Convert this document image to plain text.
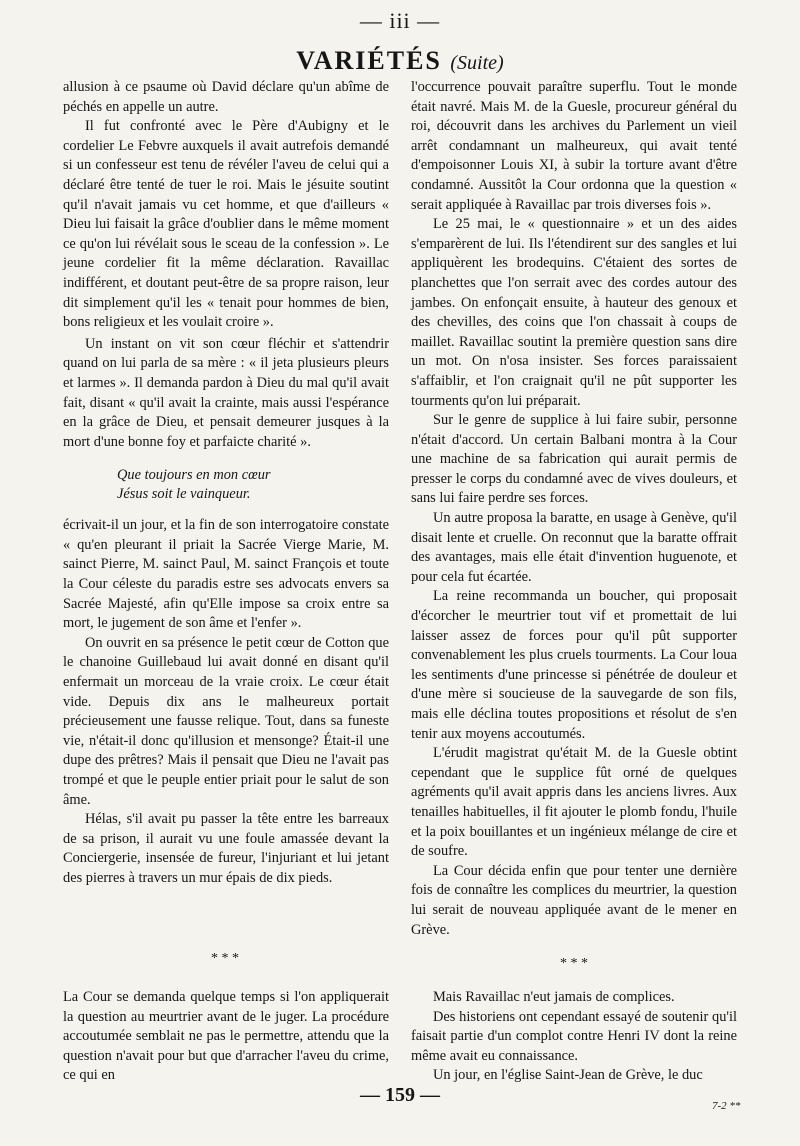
— iii —
VARIÉTÉS (Suite)

allusion à ce psaume où David déclare qu'un abîme de péchés en appelle un autre.

Il fut confronté avec le Père d'Aubigny et le cordelier Le Febvre auxquels il avait autrefois demandé si un confesseur est tenu de révéler l'aveu de celui qui a déclaré être tenté de tuer le roi. Mais le jésuite soutint qu'il n'avait jamais vu cet homme, et que d'ailleurs « Dieu lui faisait la grâce d'oublier dans le même moment ce qu'on lui révélait sous le sceau de la confession ». Le jeune cordelier fit la même déclaration. Ravaillac indifférent, et doutant peut-être de sa propre raison, leur dit simplement qu'il les « tenait pour hommes de bien, bons religieux et les voulait croire ».

Un instant on vit son cœur fléchir et s'attendrir quand on lui parla de sa mère : « il jeta plusieurs pleurs et larmes ». Il demanda pardon à Dieu du mal qu'il avait fait, disant « qu'il avait la crainte, mais aussi l'espérance en la grâce de Dieu, et pensait demeurer jusques à la mort d'une bonne foy et parfaicte charité ».

Que toujours en mon cœur
Jésus soit le vainqueur.

écrivait-il un jour, et la fin de son interrogatoire constate « qu'en pleurant il priait la Sacrée Vierge Marie, M. sainct Pierre, M. sainct Paul, M. sainct François et toute la Cour céleste du paradis estre ses advocats envers sa Sacrée Majesté, afin qu'Elle impose sa croix entre sa mort, le jugement de son âme et l'enfer ».

On ouvrit en sa présence le petit cœur de Cotton que le chanoine Guillebaud lui avait donné en disant qu'il enfermait un morceau de la vraie croix. Le cœur était vide. Depuis dix ans le malheureux portait précieusement une fausse relique. Tout, dans sa funeste vie, n'était-il donc qu'illusion et mensonge? Était-il une dupe des prêtres? Mais il pensait que Dieu ne l'avait pas trompé et que le peuple entier priait pour le salut de son âme.

Hélas, s'il avait pu passer la tête entre les barreaux de sa prison, il aurait vu une foule amassée devant la Conciergerie, insensée de fureur, l'injuriant et lui jetant des pierres à travers un mur épais de dix pieds.

* * *

La Cour se demanda quelque temps si l'on appliquerait la question au meurtrier avant de le juger. La procédure accoutumée semblait ne pas le permettre, attendu que la question n'avait pour but que d'arracher l'aveu du crime, ce qui en

l'occurrence pouvait paraître superflu. Tout le monde était navré. Mais M. de la Guesle, procureur général du roi, découvrit dans les archives du Parlement un vieil arrêt condamnant un malheureux, qui avait tenté d'empoisonner Louis XI, à subir la torture avant d'être condamné. Aussitôt la Cour ordonna que la question « serait appliquée à Ravaillac par trois diverses fois ».

Le 25 mai, le « questionnaire » et un des aides s'emparèrent de lui. Ils l'étendirent sur des sangles et lui appliquèrent les brodequins. C'étaient des sortes de planchettes que l'on serrait avec des cordes autour des jambes. On enfonçait ensuite, à hauteur des genoux et des chevilles, des coins que l'on chassait à coups de maillet. Ravaillac soutint la première question sans dire un mot. On n'osa insister. Ses forces paraissaient s'affaiblir, et l'on craignait qu'il ne pût supporter les tourments qu'on lui préparait.

Sur le genre de supplice à lui faire subir, personne n'était d'accord. Un certain Balbani montra à la Cour une machine de sa fabrication qui aurait permis de presser le corps du condamné avec de vives douleurs, et sans lui faire perdre ses forces.

Un autre proposa la baratte, en usage à Genève, qu'il disait lente et cruelle. On reconnut que la baratte offrait des avantages, mais elle était d'invention huguenote, et pour cela fut écartée.

La reine recommanda un boucher, qui proposait d'écorcher le meurtrier tout vif et promettait de lui laisser assez de forces pour qu'il pût supporter convenablement les plus cruels tourments. La Cour loua les sentiments d'une princesse si pénétrée de douleur et d'une mère si soucieuse de la sauvegarde de son fils, mais elle déclina toutes propositions et résolut de s'en tenir aux moyens accoutumés.

L'érudit magistrat qu'était M. de la Guesle obtint cependant que le supplice fût orné de quelques agréments qu'il avait appris dans les anciens livres. Aux tenailles habituelles, il fit ajouter le plomb fondu, l'huile et la poix bouillantes et un ingénieux mélange de cire et de soufre.

La Cour décida enfin que pour tenter une dernière fois de connaître les complices du meurtrier, la question lui serait de nouveau appliquée avant de le mener en Grève.

* * *

Mais Ravaillac n'eut jamais de complices.

Des historiens ont cependant essayé de soutenir qu'il faisait partie d'un complot contre Henri IV dont la reine même avait eu connaissance.

Un jour, en l'église Saint-Jean de Grève, le duc

— 159 —	7-2 **
